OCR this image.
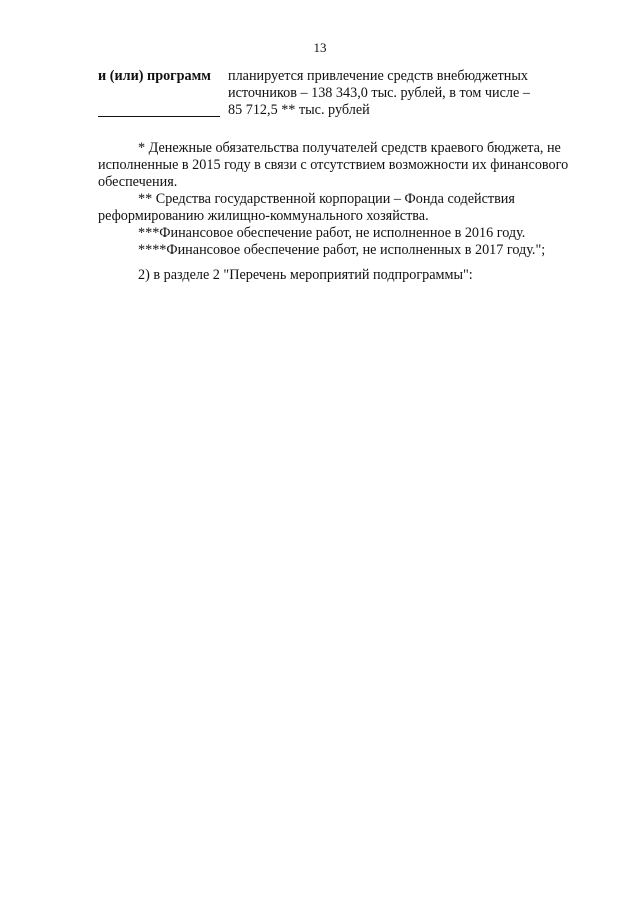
13
и (или) программ планируется привлечение средств внебюджетных
источников – 138 343,0 тыс. рублей, в том числе –
85 712,5 ** тыс. рублей
* Денежные обязательства получателей средств краевого бюджета, не
исполненные в 2015 году в связи с отсутствием возможности их финансового
обеспечения.
** Средства государственной корпорации – Фонда содействия
реформированию жилищно-коммунального хозяйства.
***Финансовое обеспечение работ, не исполненное в 2016 году.
****Финансовое обеспечение работ, не исполненных в 2017 году.";
2) в разделе 2 "Перечень мероприятий подпрограммы":
